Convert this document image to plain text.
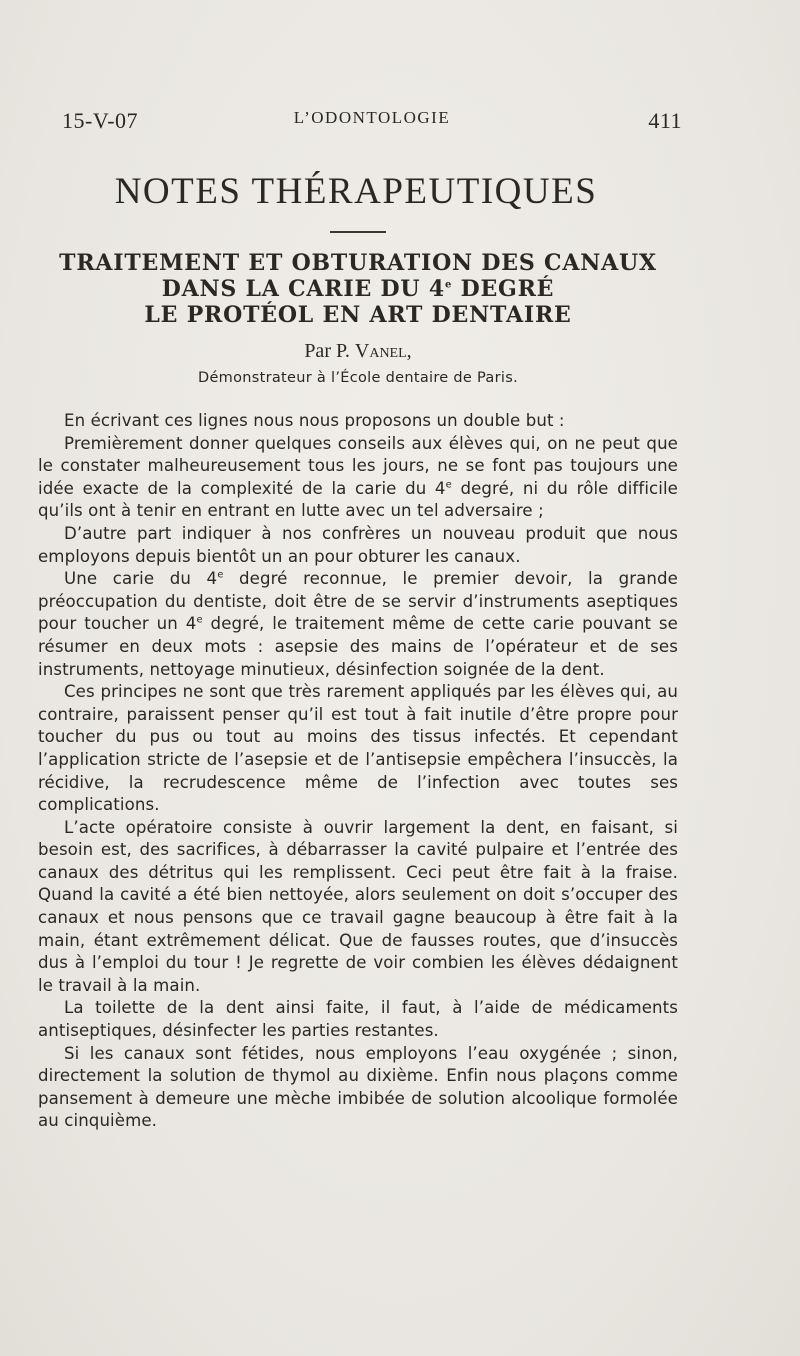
15-V-07	L’ODONTOLOGIE	411
NOTES THÉRAPEUTIQUES
TRAITEMENT ET OBTURATION DES CANAUX
DANS LA CARIE DU 4e DEGRÉ
LE PROTÉOL EN ART DENTAIRE
Par P. Vanel,
Démonstrateur à l’École dentaire de Paris.

En écrivant ces lignes nous nous proposons un double but :

Premièrement donner quelques conseils aux élèves qui, on ne peut que le constater malheureusement tous les jours, ne se font pas toujours une idée exacte de la complexité de la carie du 4e degré, ni du rôle difficile qu’ils ont à tenir en entrant en lutte avec un tel adversaire ;

D’autre part indiquer à nos confrères un nouveau produit que nous employons depuis bientôt un an pour obturer les canaux.

Une carie du 4e degré reconnue, le premier devoir, la grande préoccupation du dentiste, doit être de se servir d’instruments aseptiques pour toucher un 4e degré, le traitement même de cette carie pouvant se résumer en deux mots : asepsie des mains de l’opérateur et de ses instruments, nettoyage minutieux, désinfection soignée de la dent.

Ces principes ne sont que très rarement appliqués par les élèves qui, au contraire, paraissent penser qu’il est tout à fait inutile d’être propre pour toucher du pus ou tout au moins des tissus infectés. Et cependant l’application stricte de l’asepsie et de l’antisepsie empêchera l’insuccès, la récidive, la recrudescence même de l’infection avec toutes ses complications.

L’acte opératoire consiste à ouvrir largement la dent, en faisant, si besoin est, des sacrifices, à débarrasser la cavité pulpaire et l’entrée des canaux des détritus qui les remplissent. Ceci peut être fait à la fraise. Quand la cavité a été bien nettoyée, alors seulement on doit s’occuper des canaux et nous pensons que ce travail gagne beaucoup à être fait à la main, étant extrêmement délicat. Que de fausses routes, que d’insuccès dus à l’emploi du tour ! Je regrette de voir combien les élèves dédaignent le travail à la main.

La toilette de la dent ainsi faite, il faut, à l’aide de médicaments antiseptiques, désinfecter les parties restantes.

Si les canaux sont fétides, nous employons l’eau oxygénée ; sinon, directement la solution de thymol au dixième. Enfin nous plaçons comme pansement à demeure une mèche imbibée de solution alcoolique formolée au cinquième.
